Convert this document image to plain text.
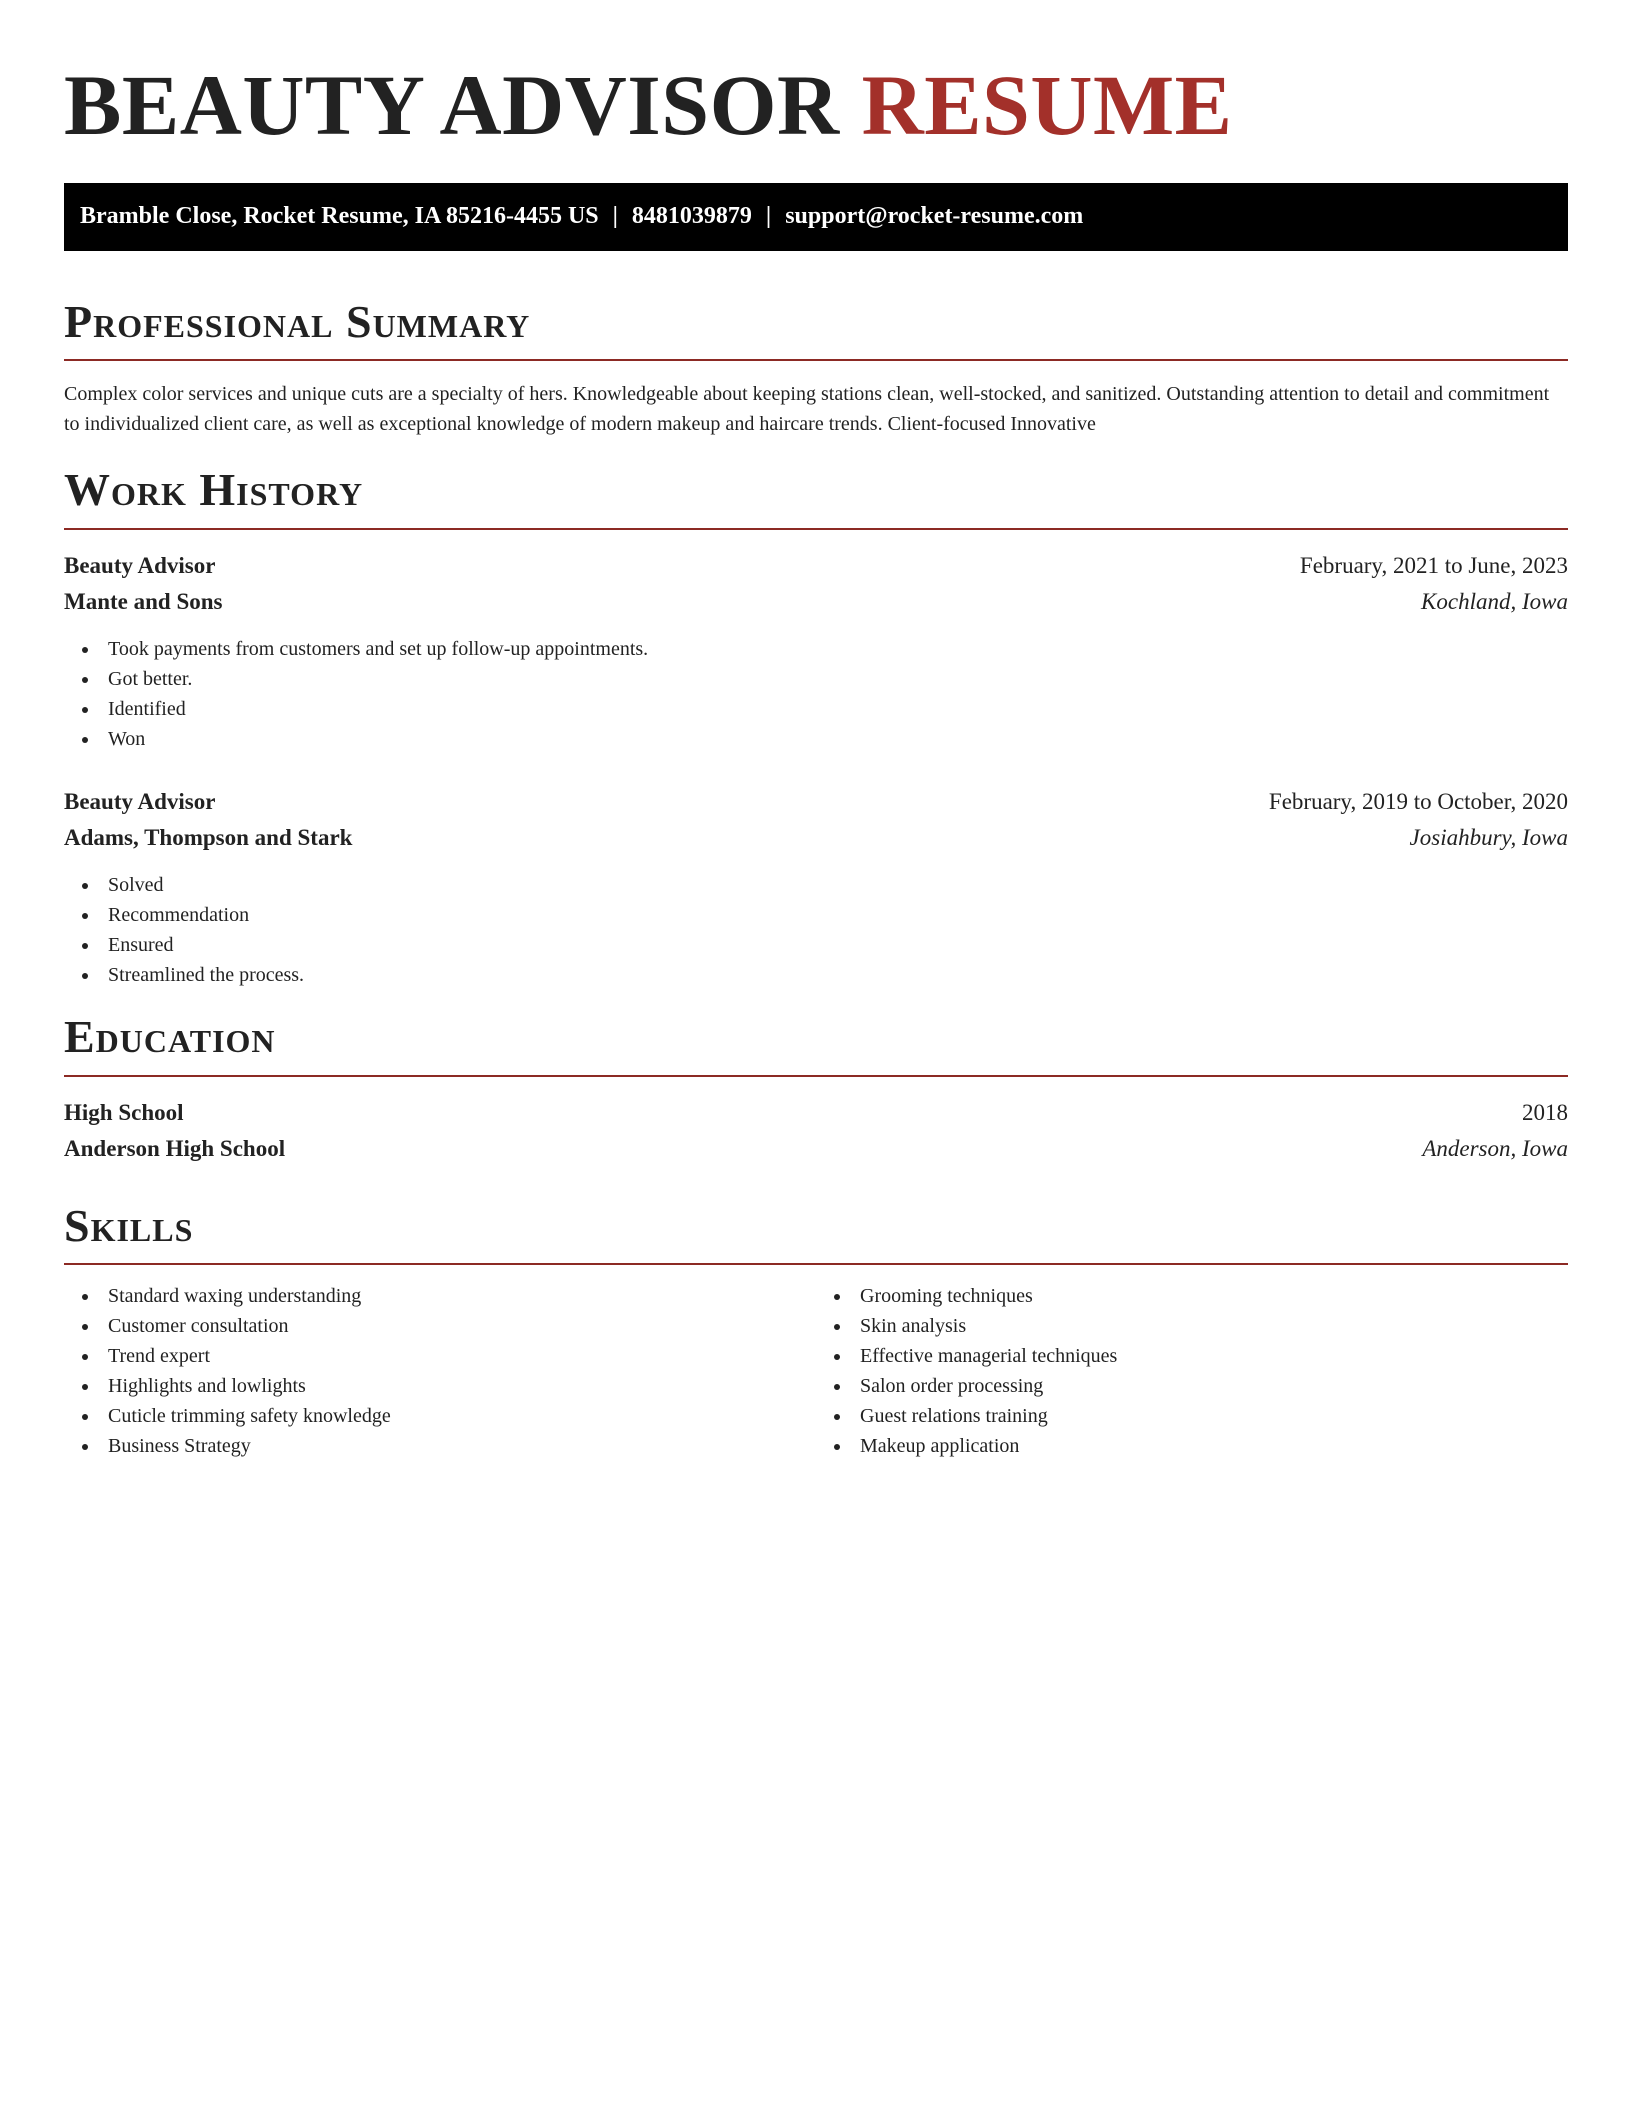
BEAUTY ADVISOR RESUME
Bramble Close, Rocket Resume, IA 85216-4455 US | 8481039879 | support@rocket-resume.com
Professional Summary

Complex color services and unique cuts are a specialty of hers. Knowledgeable about keeping stations clean, well-stocked, and sanitized. Outstanding attention to detail and commitment to individualized client care, as well as exceptional knowledge of modern makeup and haircare trends. Client-focused Innovative

Work History
Beauty Advisor	February, 2021 to June, 2023
Mante and Sons	Kochland, Iowa
Took payments from customers and set up follow-up appointments.
Got better.
Identified
Won
Beauty Advisor	February, 2019 to October, 2020
Adams, Thompson and Stark	Josiahbury, Iowa
Solved
Recommendation
Ensured
Streamlined the process.
Education
High School	2018
Anderson High School	Anderson, Iowa
Skills
Standard waxing understanding
Customer consultation
Trend expert
Highlights and lowlights
Cuticle trimming safety knowledge
Business Strategy
Grooming techniques
Skin analysis
Effective managerial techniques
Salon order processing
Guest relations training
Makeup application
